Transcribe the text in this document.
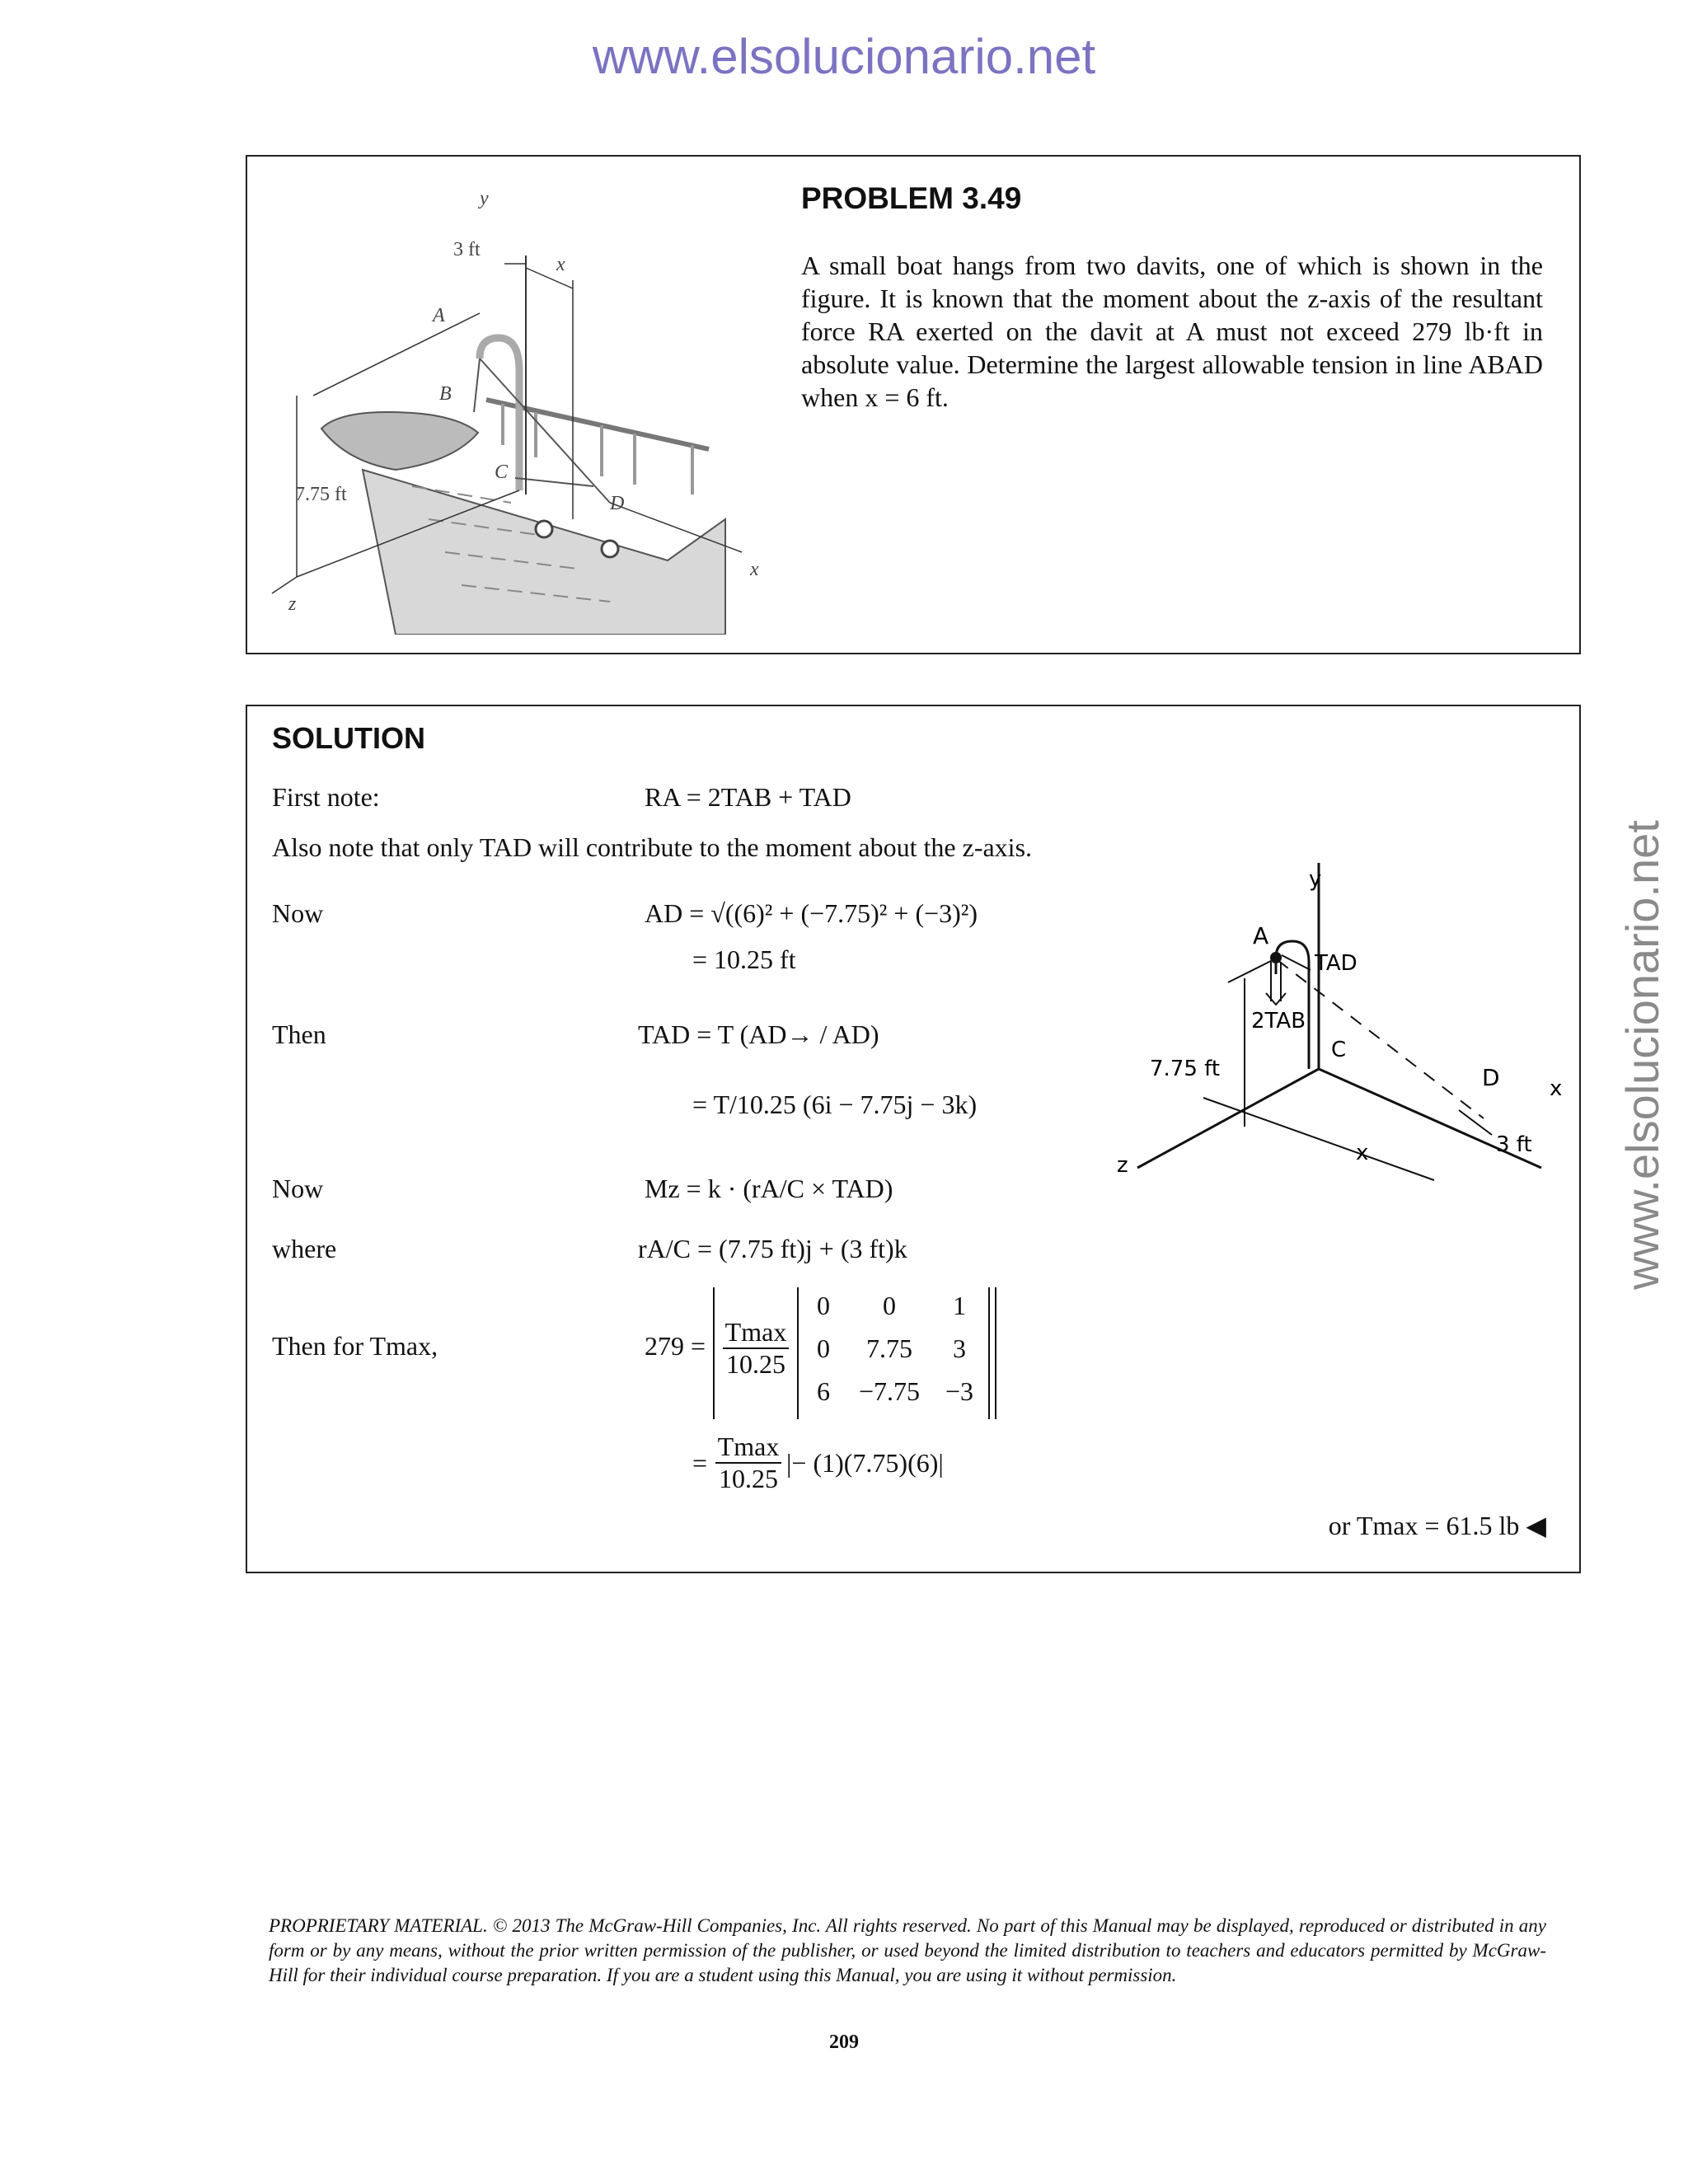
www.elsolucionario.net
www.elsolucionario.net
y
3 ft
x
A
B
C
D
7.75 ft
x
z
PROBLEM 3.49
A small boat hangs from two davits, one of which is shown in the figure. It is known that the moment about the z-axis of the resultant force RA exerted on the davit at A must not exceed 279 lb·ft in absolute value. Determine the largest allowable tension in line ABAD when x = 6 ft.
SOLUTION
First note:	RA = 2TAB + TAD
Also note that only TAD will contribute to the moment about the z-axis.
Now	AD = √((6)² + (−7.75)² + (−3)²)
= 10.25 ft
Then	TAD = T (AD→ / AD)
= T/10.25 (6i − 7.75j − 3k)
Now	Mz = k · (rA/C × TAD)
where	rA/C = (7.75 ft)j + (3 ft)k
Then for Tmax,	279 = Tmax
10.25
0	0	1
0	7.75	3
6	−7.75 −3
=
Tmax
10.25
|− (1)(7.75)(6)|
or Tmax = 61.5 lb ◀
y
A
TAD
2TAB
C
7.75 ft	D x
z	x	3 ft
PROPRIETARY MATERIAL. © 2013 The McGraw-Hill Companies, Inc. All rights reserved. No part of this Manual may be displayed, reproduced or distributed in any form or by any means, without the prior written permission of the publisher, or used beyond the limited distribution to teachers and educators permitted by McGraw-Hill for their individual course preparation. If you are a student using this Manual, you are using it without permission.
209
